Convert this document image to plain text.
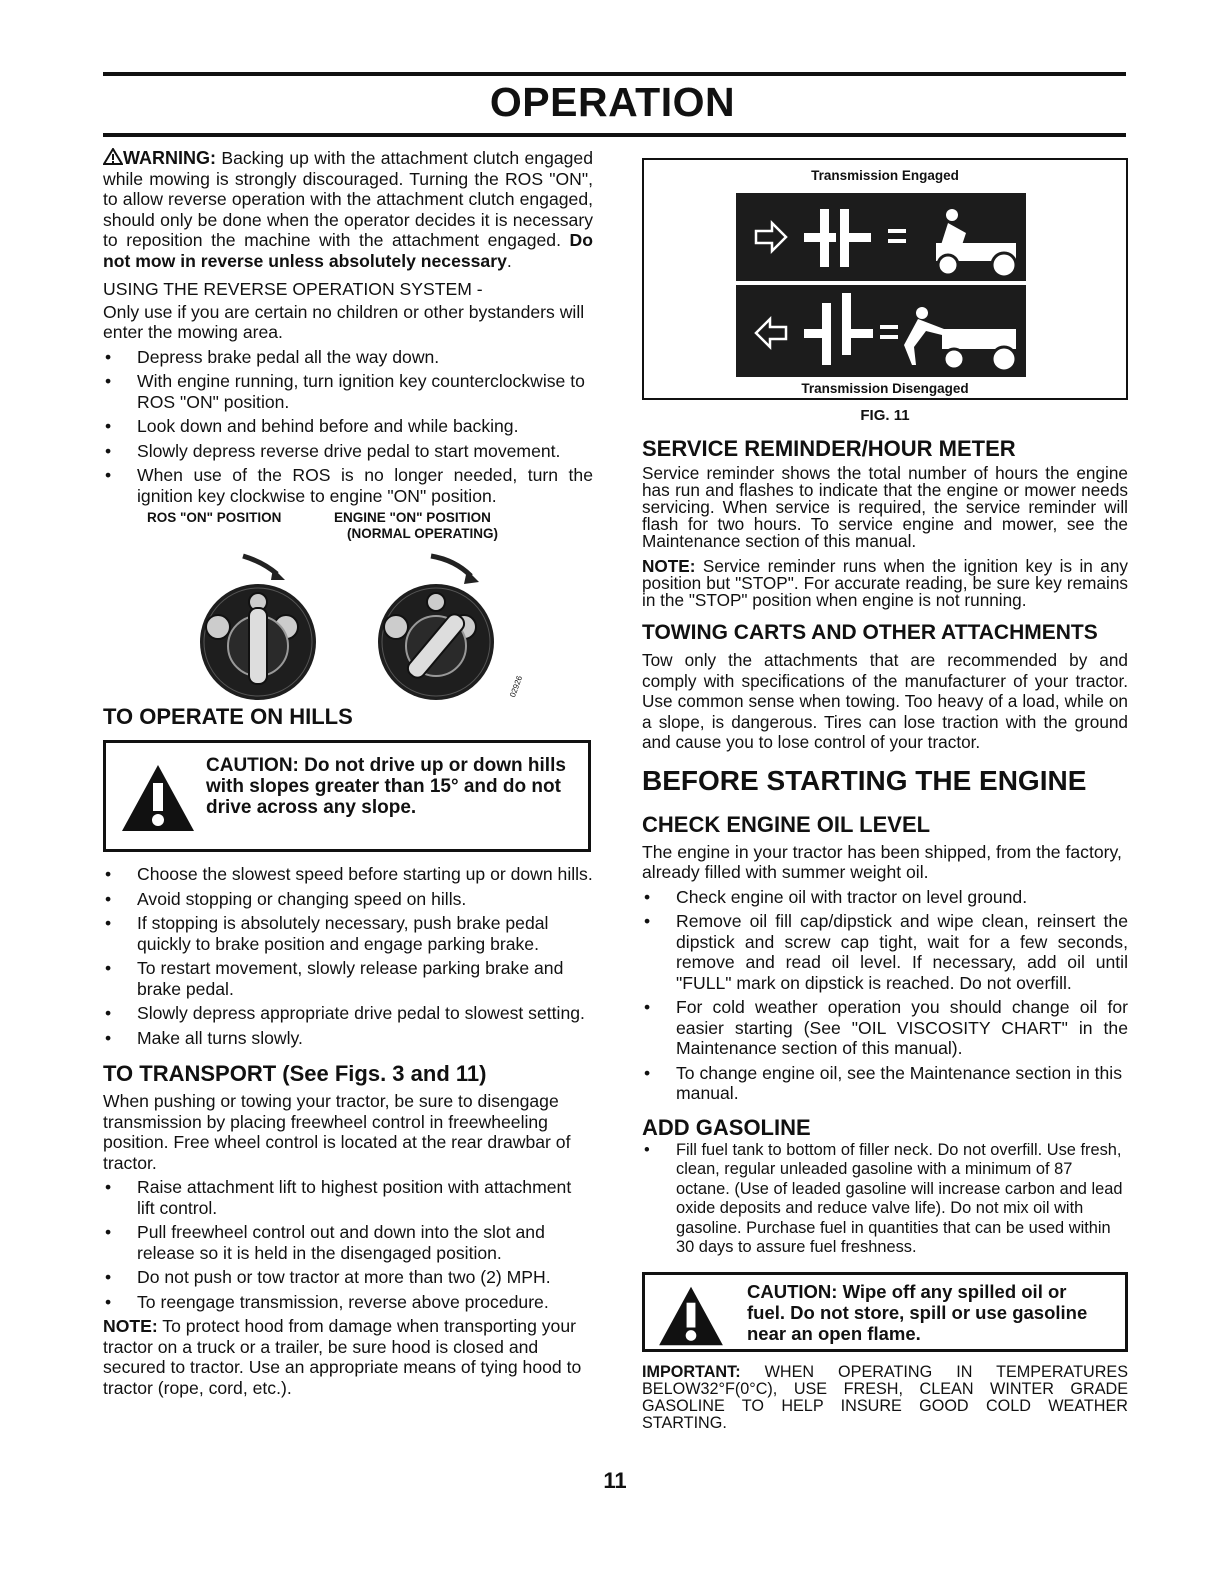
OPERATION

WARNING: Backing up with the attachment clutch engaged while mowing is strongly discouraged. Turning the ROS "ON", to allow reverse operation with the attachment clutch engaged, should only be done when the operator decides it is necessary to reposition the machine with the attachment engaged. Do not mow in reverse unless absolutely necessary.

USING THE REVERSE OPERATION SYSTEM -

Only use if you are certain no children or other bystanders will enter the mowing area.

• Depress brake pedal all the way down.
• With engine running, turn ignition key counterclockwise to ROS "ON" position.
• Look down and behind before and while backing.
• Slowly depress reverse drive pedal to start movement.
• When use of the ROS is no longer needed, turn the ignition key clockwise to engine "ON" position.
ROS "ON" POSITION	ENGINE "ON" POSITION
(NORMAL OPERATING)
02926
TO OPERATE ON HILLS
CAUTION: Do not drive up or down hills with slopes greater than 15° and do not drive across any slope.
• Choose the slowest speed before starting up or down hills.
• Avoid stopping or changing speed on hills.
• If stopping is absolutely necessary, push brake pedal quickly to brake position and engage parking brake.
• To restart movement, slowly release parking brake and brake pedal.
• Slowly depress appropriate drive pedal to slowest setting.
• Make all turns slowly.
TO TRANSPORT (See Figs. 3 and 11)

When pushing or towing your tractor, be sure to disengage transmission by placing freewheel control in freewheeling position. Free wheel control is located at the rear drawbar of tractor.

• Raise attachment lift to highest position with attachment lift control.
• Pull freewheel control out and down into the slot and release so it is held in the disengaged position.
• Do not push or tow tractor at more than two (2) MPH.
• To reengage transmission, reverse above procedure.

NOTE: To protect hood from damage when transporting your tractor on a truck or a trailer, be sure hood is closed and secured to tractor. Use an appropriate means of tying hood to tractor (rope, cord, etc.).

Transmission Engaged
Transmission Disengaged
FIG. 11
SERVICE REMINDER/HOUR METER

Service reminder shows the total number of hours the engine has run and flashes to indicate that the engine or mower needs servicing. When service is required, the service reminder will flash for two hours. To service engine and mower, see the Maintenance section of this manual.

NOTE: Service reminder runs when the ignition key is in any position but "STOP". For accurate reading, be sure key remains in the "STOP" position when engine is not running.

TOWING CARTS AND OTHER ATTACHMENTS

Tow only the attachments that are recommended by and comply with specifications of the manufacturer of your tractor. Use common sense when towing. Too heavy of a load, while on a slope, is dangerous. Tires can lose traction with the ground and cause you to lose control of your tractor.

BEFORE STARTING THE ENGINE
CHECK ENGINE OIL LEVEL

The engine in your tractor has been shipped, from the factory, already filled with summer weight oil.

• Check engine oil with tractor on level ground.
• Remove oil fill cap/dipstick and wipe clean, reinsert the dipstick and screw cap tight, wait for a few seconds, remove and read oil level. If necessary, add oil until "FULL" mark on dipstick is reached. Do not overfill.
• For cold weather operation you should change oil for easier starting (See "OIL VISCOSITY CHART" in the Maintenance section of this manual).
• To change engine oil, see the Maintenance section in this manual.
ADD GASOLINE
• Fill fuel tank to bottom of filler neck. Do not overfill. Use fresh, clean, regular unleaded gasoline with a minimum of 87 octane. (Use of leaded gasoline will increase carbon and lead oxide deposits and reduce valve life). Do not mix oil with gasoline. Purchase fuel in quantities that can be used within 30 days to assure fuel freshness.
CAUTION: Wipe off any spilled oil or fuel. Do not store, spill or use gasoline near an open flame.

IMPORTANT: WHEN OPERATING IN TEMPERATURES BELOW32°F(0°C), USE FRESH, CLEAN WINTER GRADE GASOLINE TO HELP INSURE GOOD COLD WEATHER STARTING.

11
